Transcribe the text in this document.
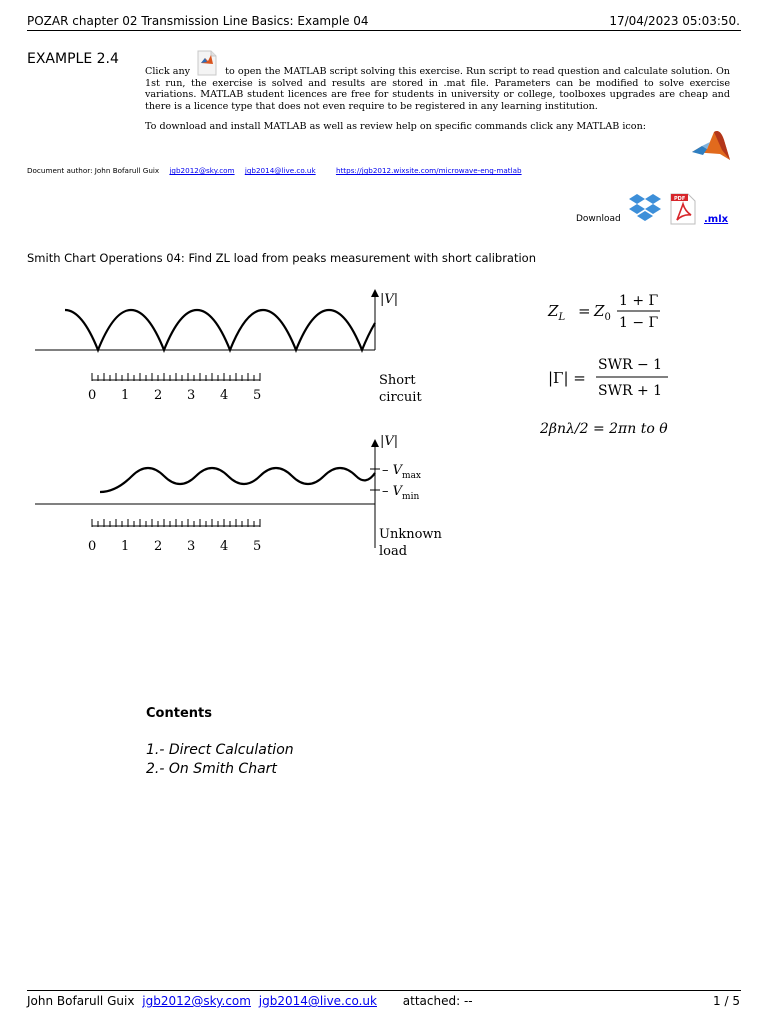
POZAR chapter 02 Transmission Line Basics: Example 04	17/04/2023 05:03:50.
EXAMPLE 2.4

Click any	to open the MATLAB script solving this exercise. Run script to read question and calculate solution. On 1st run, the exercise is solved and results are stored in .mat file. Parameters can be modified to solve exercise variations. MATLAB student licences are free for students in university or college, toolboxes upgrades are cheap and there is a licence type that does not even require to be registered in any learning institution.

To download and install MATLAB as well as review help on specific commands click any MATLAB icon:

Document author: John Bofarull Guix jgb2012@sky.com jgb2014@live.co.uk	https://jgb2012.wixsite.com/microwave-eng-matlab
Download
PDF
.mlx
Smith Chart Operations 04: Find ZL load from peaks measurement with short calibration
|V|
0 1 2 3 4 5
Short
circuit
|V|
– $V_{max}$
– $V_{min}$
0 1 2 3 4 5
Unknown
load
$Z_L = Z_0$
1 + Γ
1 − Γ
|Γ| =
SWR − 1
SWR + 1
2βnλ/2 = 2πn to θ
Contents
1.- Direct Calculation
2.- On Smith Chart
John Bofarull Guix jgb2012@sky.com jgb2014@live.co.uk attached: --	1 / 5
